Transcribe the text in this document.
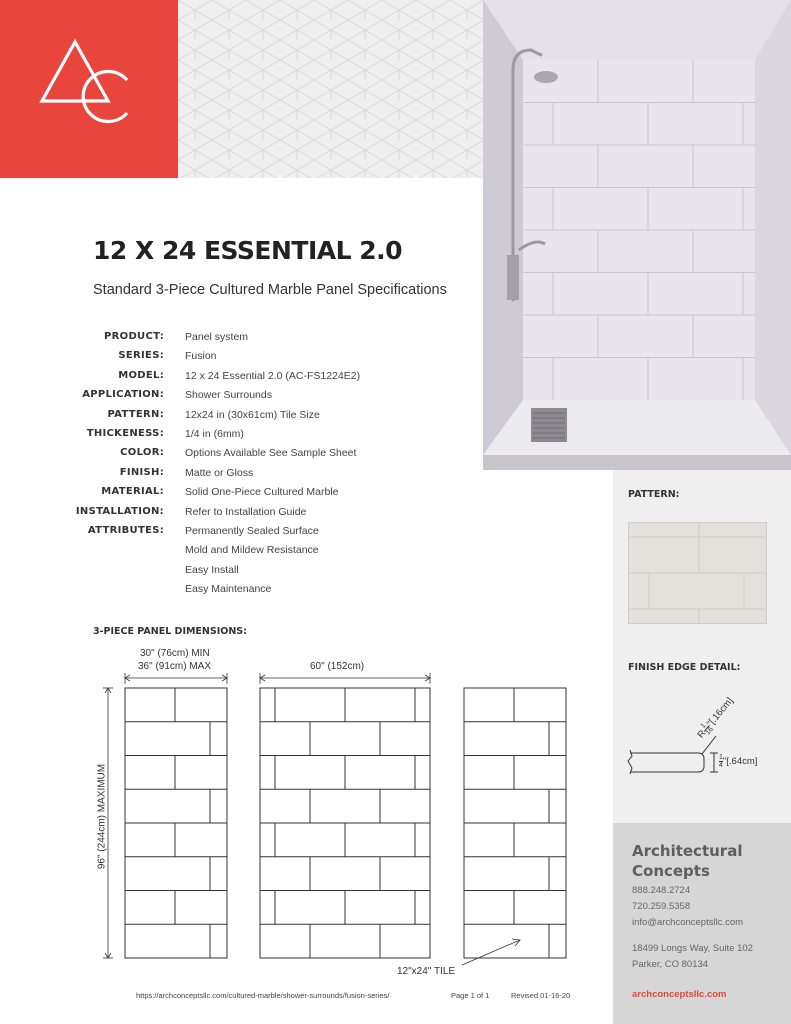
12 X 24 ESSENTIAL 2.0
Standard 3-Piece Cultured Marble Panel Specifications
PRODUCT: Panel system
SERIES: Fusion
MODEL: 12 x 24 Essential 2.0 (AC-FS1224E2)
APPLICATION: Shower Surrounds
PATTERN: 12x24 in (30x61cm) Tile Size
THICKENESS: 1/4 in (6mm)
COLOR: Options Available See Sample Sheet
FINISH: Matte or Gloss
MATERIAL: Solid One-Piece Cultured Marble
INSTALLATION: Refer to Installation Guide
ATTRIBUTES: Permanently Sealed Surface
Mold and Mildew Resistance
Easy Install
Easy Maintenance
3-PIECE PANEL DIMENSIONS:
30" (76cm) MIN
36" (91cm) MAX	60" (152cm)
12"x24" TILE
96" (244cm) MAXIMUM
PATTERN:
FINISH EDGE DETAIL:
R
1
16
"[.16cm]
$\frac{1}{4}$ "[.64cm]
Architectural
Concepts
888.248.2724
720.259.5358
info@archconceptsllc.com
18499 Longs Way, Suite 102
Parker, CO 80134
archconceptsllc.com
https://archconceptsllc.com/cultured-marble/shower-surrounds/fusion-series/	Page 1 of 1	Revised 01-16-20
